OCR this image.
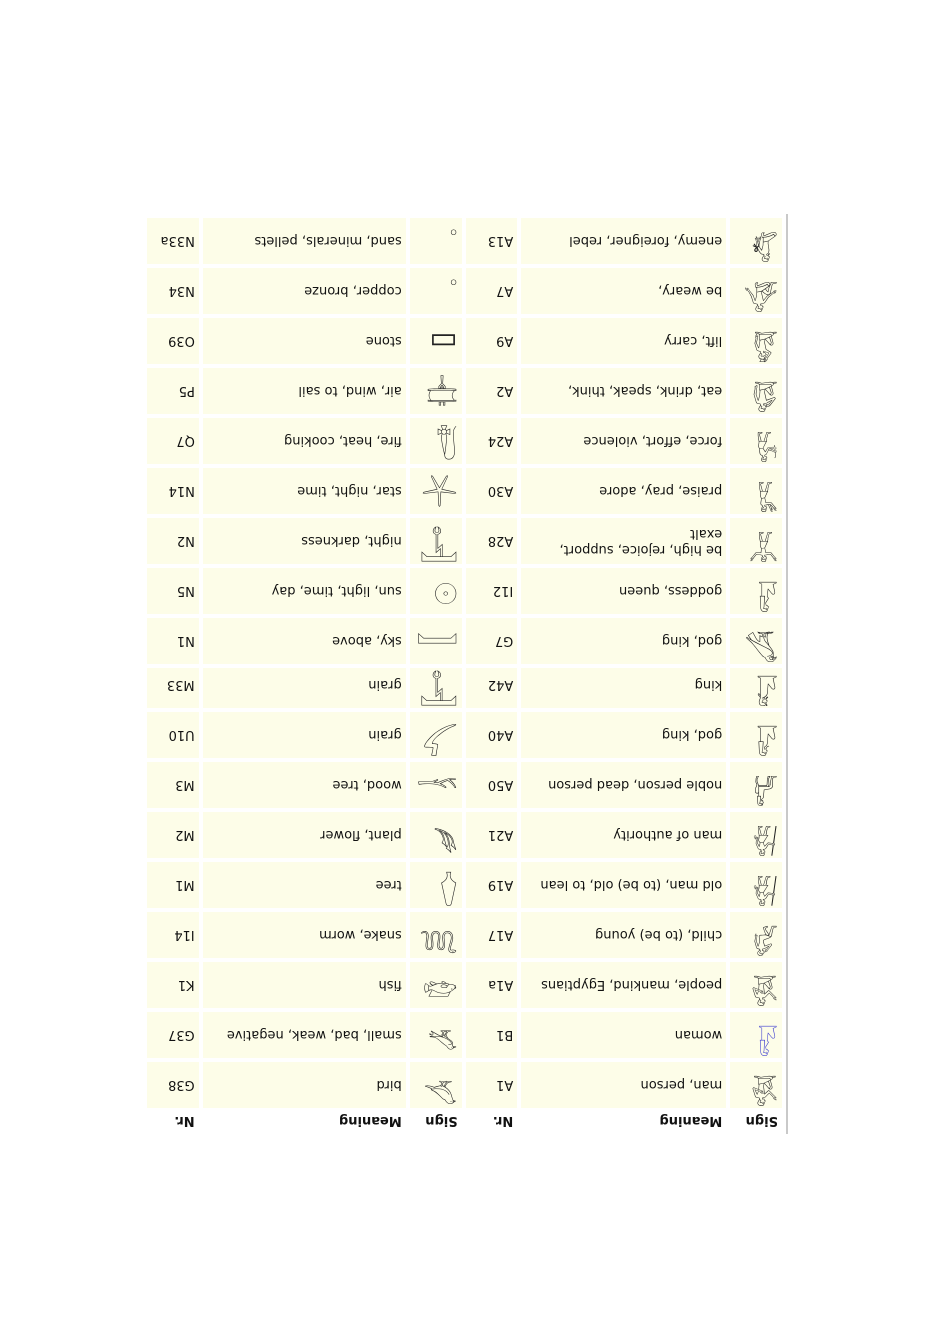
Sign	Meaning	Nr.	Sign	Meaning	Nr.
𓀀	man, person	A1	𓅪	bird	G38
𓁐	woman	B1	𓅩	small, bad, weak, negative	G37
𓀀	people, mankind, Egyptians	A1a	𓆛	fish	K1
𓀔	child, (to be) young	A17	𓆙	snake, worm	I14
𓀙	old man, (to be) old, to lean	A19	𓆭	tree	M1
𓀙	man of authority	A21	𓆰	plant, flower	M2
𓀻	noble person, dead person	A50	𓆱	wood, tree	M3
𓀭	god, king	A40	𓌳	grain	U10
𓀯	king	A42	𓇰	grain	M33
𓅃	god, king	G7	𓇯	sky, above	N1
𓁐	goddess, queen	I12	𓇳	sun, light, time, day	N5
𓀠	be high, rejoice, support,
exalt	A28	𓇰	night, darkness	N2
𓀢	praise, pray, adore	A30	𓇼	star, night, time	N14
𓀜	force, effort, violence	A24	𓊮	fire, heat, cooking	Q7
𓀁	eat, drink, speak, think,	A2	𓊡	air, wind, to sail	P5
𓀋	lift, carry	A9	▭	stone	O39
𓀉	be weary,	A7	𓈒	copper, bronze	N34
𓀏	enemy, foreigner, rebel	A13	𓈒	sand, minerals, pellets	N33a
